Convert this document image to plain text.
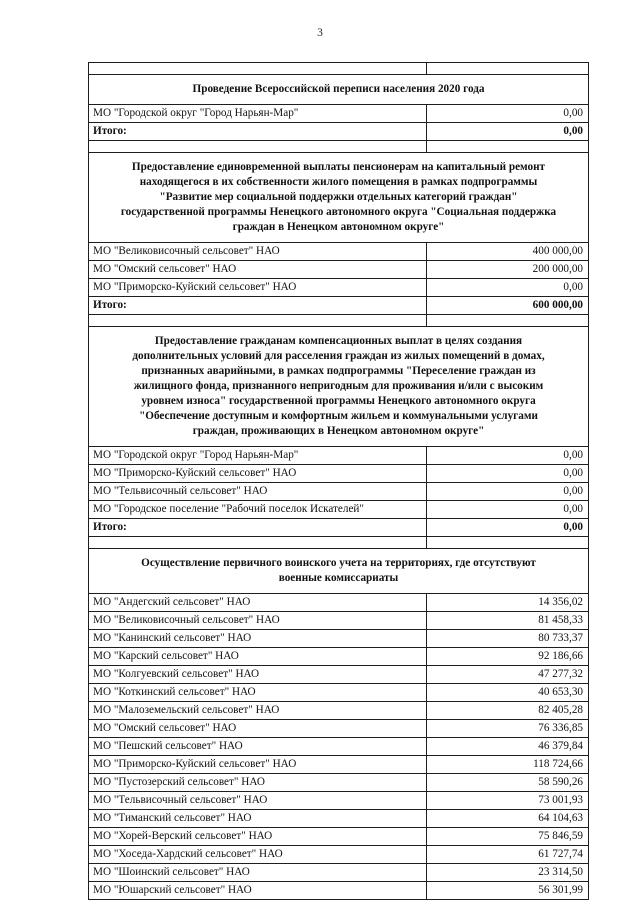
3

Проведение Всероссийской переписи населения 2020 года	
МО "Городской округ "Город Нарьян-Мар"	0,00
Итого:	0,00

Предоставление единовременной выплаты пенсионерам на капитальный ремонт находящегося в их собственности жилого помещения в рамках подпрограммы "Развитие мер социальной поддержки отдельных категорий граждан" государственной программы Ненецкого автономного округа "Социальная поддержка граждан в Ненецком автономном округе"	
МО "Великовисочный сельсовет" НАО	400 000,00
МО "Омский сельсовет" НАО	200 000,00
МО "Приморско-Куйский сельсовет" НАО	0,00
Итого:	600 000,00

Предоставление гражданам компенсационных выплат в целях создания дополнительных условий для расселения граждан из жилых помещений в домах, признанных аварийными, в рамках подпрограммы "Переселение граждан из жилищного фонда, признанного непригодным для проживания и/или с высоким уровнем износа" государственной программы Ненецкого автономного округа "Обеспечение доступным и комфортным жильем и коммунальными услугами граждан, проживающих в Ненецком автономном округе"	
МО "Городской округ "Город Нарьян-Мар"	0,00
МО "Приморско-Куйский сельсовет" НАО	0,00
МО "Тельвисочный сельсовет" НАО	0,00
МО "Городское поселение "Рабочий поселок Искателей"	0,00
Итого:	0,00

Осуществление первичного воинского учета на территориях, где отсутствуют военные комиссариаты	
МО "Андегский сельсовет" НАО	14 356,02
МО "Великовисочный сельсовет" НАО	81 458,33
МО "Канинский сельсовет" НАО	80 733,37
МО "Карский сельсовет" НАО	92 186,66
МО "Колгуевский сельсовет" НАО	47 277,32
МО "Коткинский сельсовет" НАО	40 653,30
МО "Малоземельский сельсовет" НАО	82 405,28
МО "Омский сельсовет" НАО	76 336,85
МО "Пешский сельсовет" НАО	46 379,84
МО "Приморско-Куйский сельсовет" НАО	118 724,66
МО "Пустозерский сельсовет" НАО	58 590,26
МО "Тельвисочный сельсовет" НАО	73 001,93
МО "Тиманский сельсовет" НАО	64 104,63
МО "Хорей-Верский сельсовет" НАО	75 846,59
МО "Хоседа-Хардский сельсовет" НАО	61 727,74
МО "Шоинский сельсовет" НАО	23 314,50
МО "Юшарский сельсовет" НАО	56 301,99
